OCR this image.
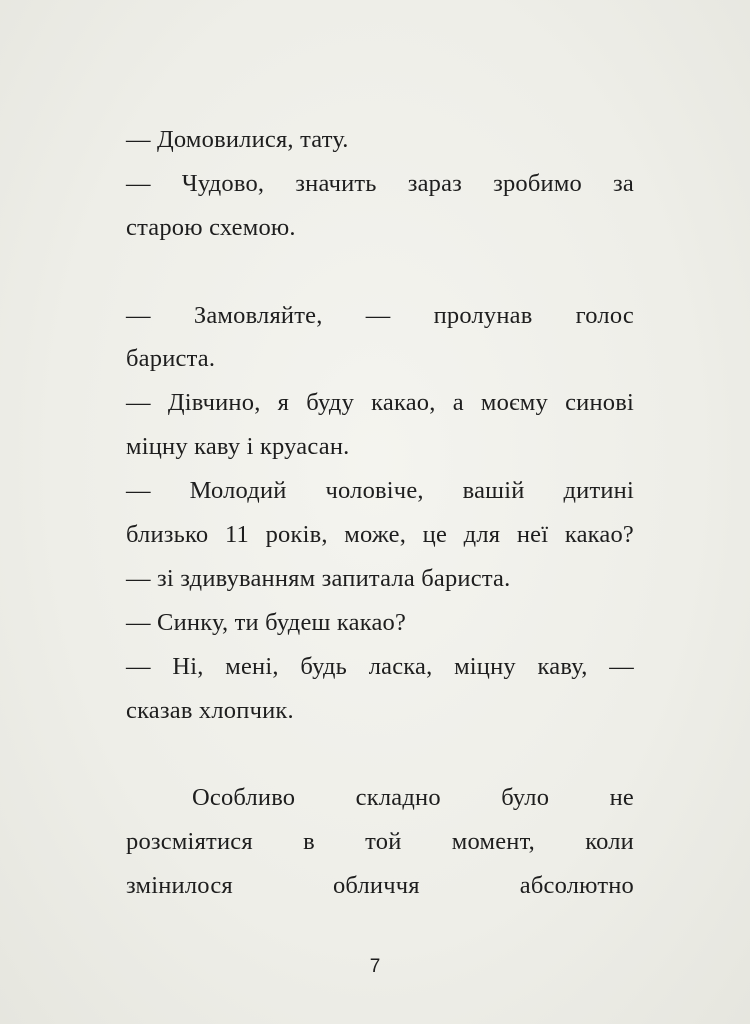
— Домовилися, тату.
— Чудово, значить зараз зробимо за
старою схемою.
— Замовляйте, — пролунав голос
бариста.
— Дівчино, я буду какао, а моєму синові
міцну каву і круасан.
— Молодий чоловіче, вашій дитині
близько 11 років, може, це для неї какао?
— зі здивуванням запитала бариста.
— Синку, ти будеш какао?
— Ні, мені, будь ласка, міцну каву, —
сказав хлопчик.
Особливо складно було не
розсміятися в той момент, коли
змінилося обличчя абсолютно
7
